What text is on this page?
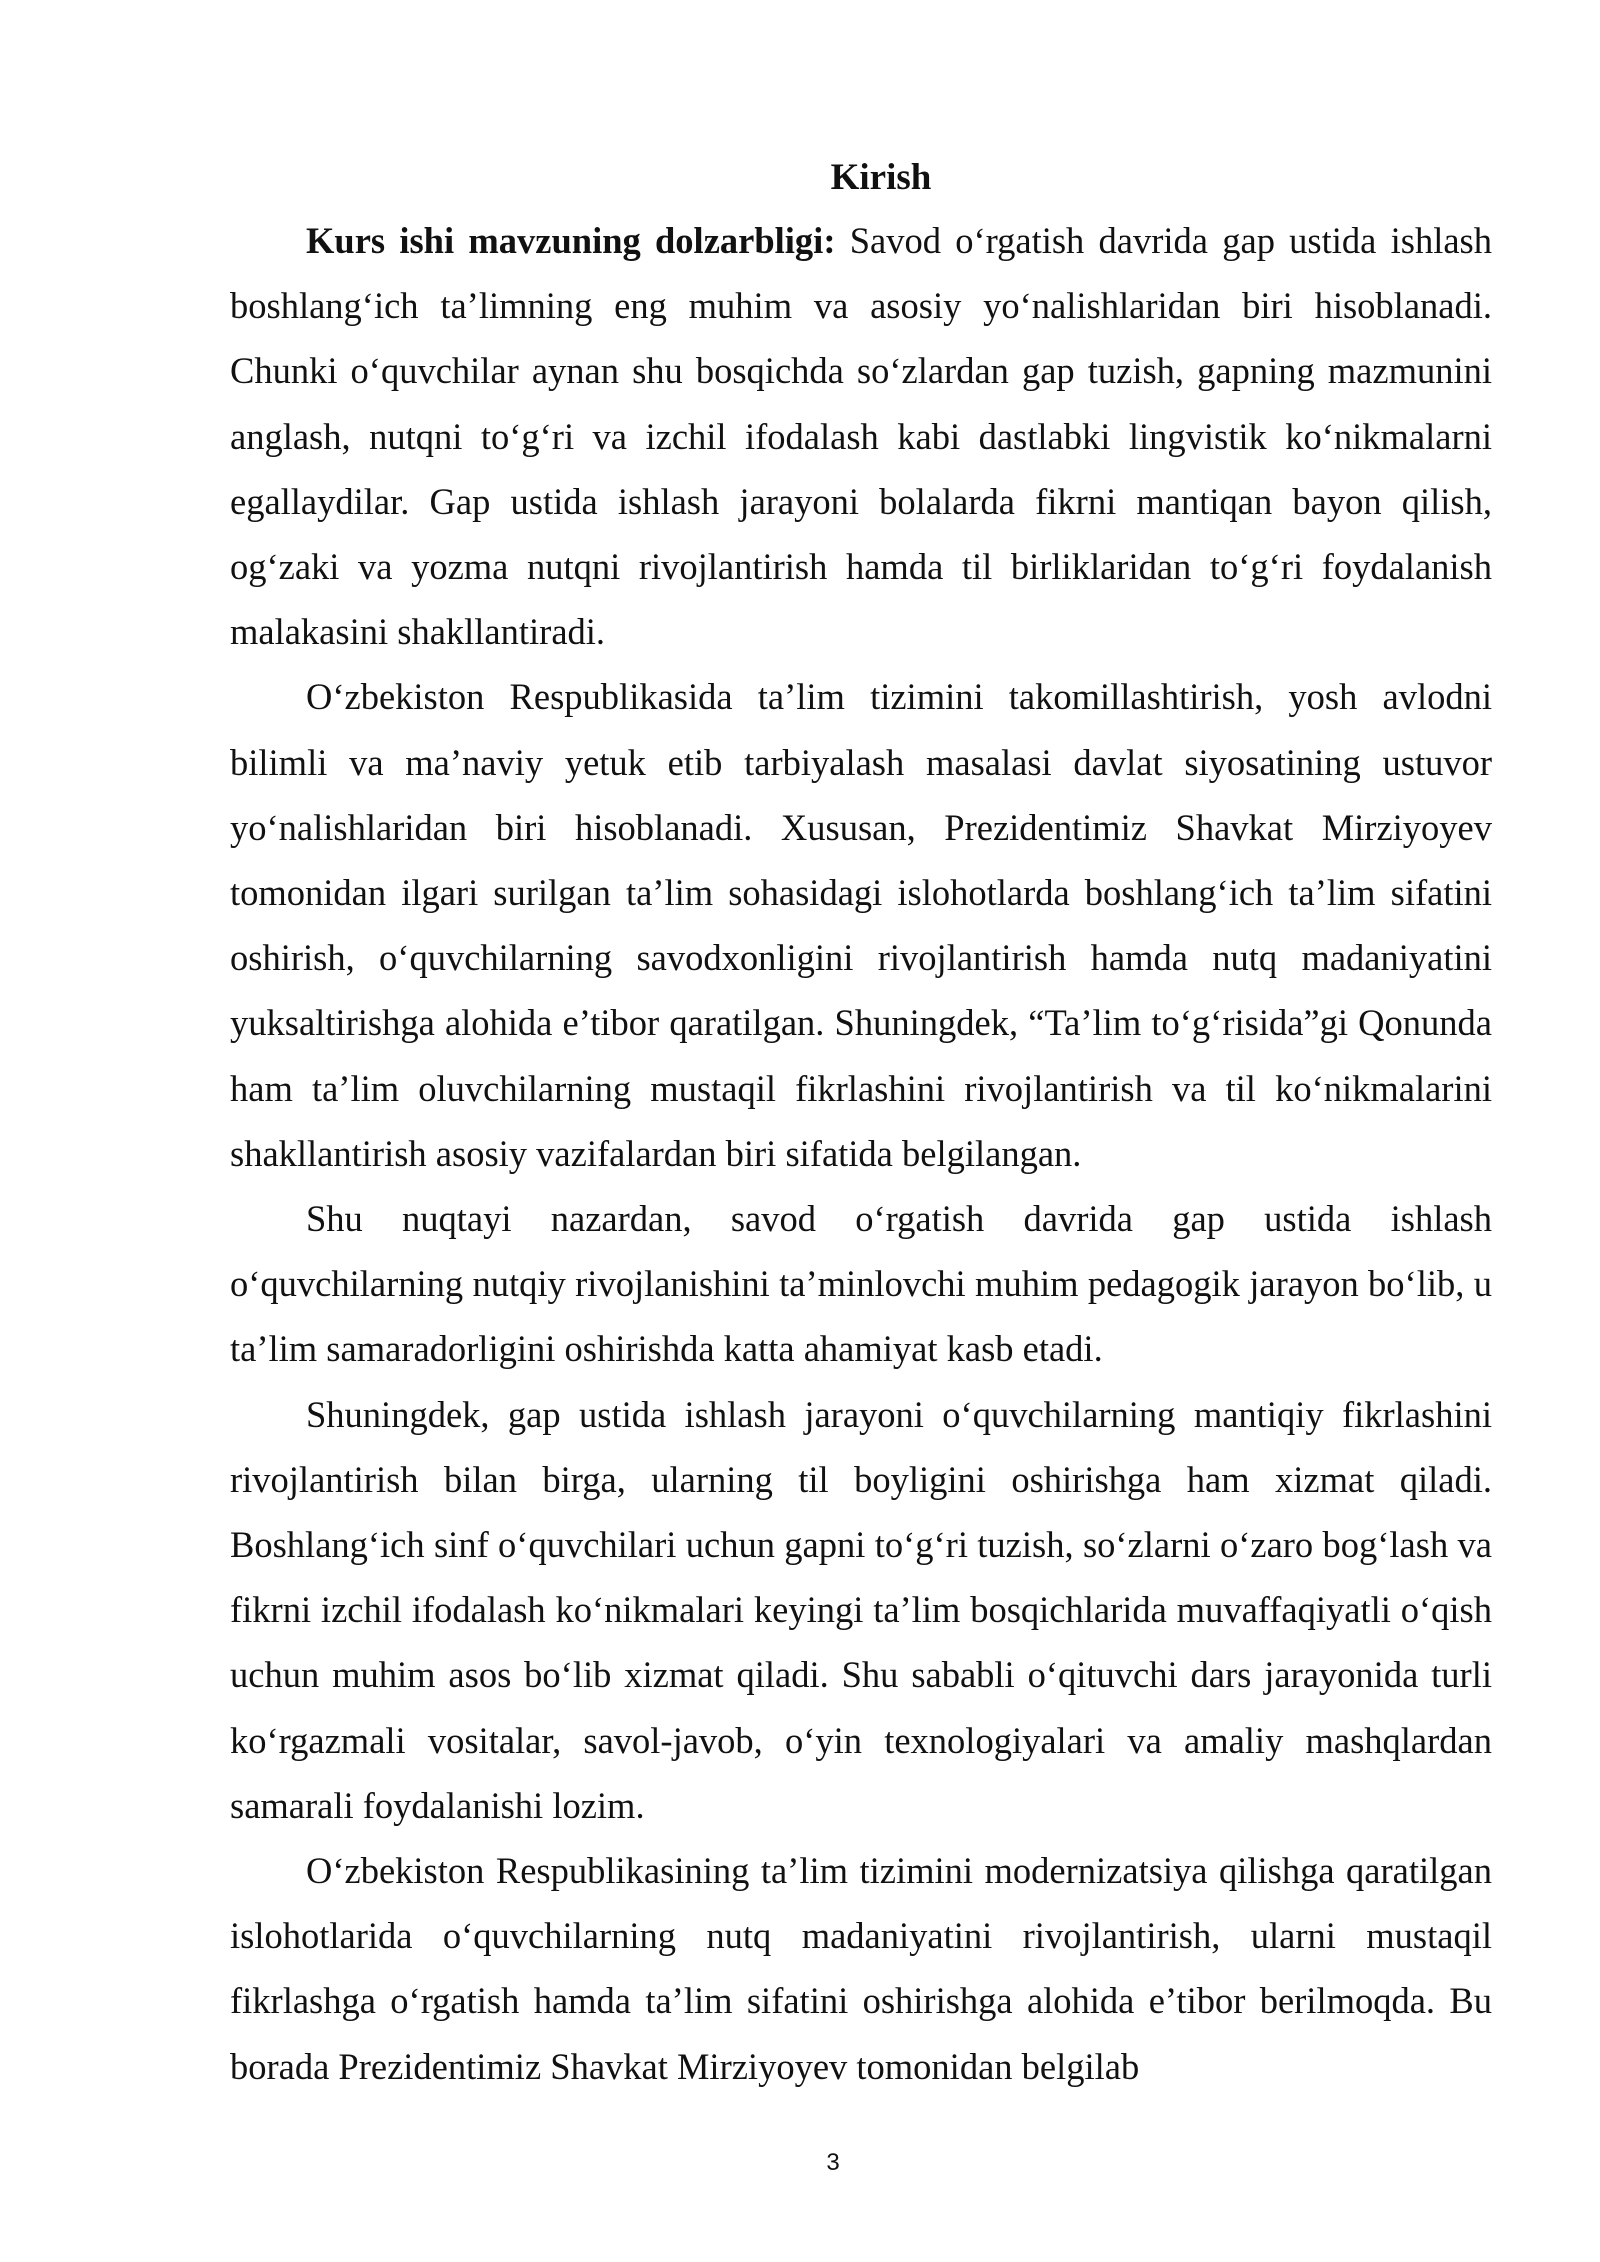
Kirish

Kurs ishi mavzuning dolzarbligi: Savod o‘rgatish davrida gap ustida ishlash boshlang‘ich ta’limning eng muhim va asosiy yo‘nalishlaridan biri hisoblanadi. Chunki o‘quvchilar aynan shu bosqichda so‘zlardan gap tuzish, gapning mazmunini anglash, nutqni to‘g‘ri va izchil ifodalash kabi dastlabki lingvistik ko‘nikmalarni egallaydilar. Gap ustida ishlash jarayoni bolalarda fikrni mantiqan bayon qilish, og‘zaki va yozma nutqni rivojlantirish hamda til birliklaridan to‘g‘ri foydalanish malakasini shakllantiradi.

O‘zbekiston Respublikasida ta’lim tizimini takomillashtirish, yosh avlodni bilimli va ma’naviy yetuk etib tarbiyalash masalasi davlat siyosatining ustuvor yo‘nalishlaridan biri hisoblanadi. Xususan, Prezidentimiz Shavkat Mirziyoyev tomonidan ilgari surilgan ta’lim sohasidagi islohotlarda boshlang‘ich ta’lim sifatini oshirish, o‘quvchilarning savodxonligini rivojlantirish hamda nutq madaniyatini yuksaltirishga alohida e’tibor qaratilgan. Shuningdek, “Ta’lim to‘g‘risida”gi Qonunda ham ta’lim oluvchilarning mustaqil fikrlashini rivojlantirish va til ko‘nikmalarini shakllantirish asosiy vazifalardan biri sifatida belgilangan.

Shu nuqtayi nazardan, savod o‘rgatish davrida gap ustida ishlash o‘quvchilarning nutqiy rivojlanishini ta’minlovchi muhim pedagogik jarayon bo‘lib, u ta’lim samaradorligini oshirishda katta ahamiyat kasb etadi.

Shuningdek, gap ustida ishlash jarayoni o‘quvchilarning mantiqiy fikrlashini rivojlantirish bilan birga, ularning til boyligini oshirishga ham xizmat qiladi. Boshlang‘ich sinf o‘quvchilari uchun gapni to‘g‘ri tuzish, so‘zlarni o‘zaro bog‘lash va fikrni izchil ifodalash ko‘nikmalari keyingi ta’lim bosqichlarida muvaffaqiyatli o‘qish uchun muhim asos bo‘lib xizmat qiladi. Shu sababli o‘qituvchi dars jarayonida turli ko‘rgazmali vositalar, savol-javob, o‘yin texnologiyalari va amaliy mashqlardan samarali foydalanishi lozim.

O‘zbekiston Respublikasining ta’lim tizimini modernizatsiya qilishga qaratilgan islohotlarida o‘quvchilarning nutq madaniyatini rivojlantirish, ularni mustaqil fikrlashga o‘rgatish hamda ta’lim sifatini oshirishga alohida e’tibor berilmoqda. Bu borada Prezidentimiz Shavkat Mirziyoyev tomonidan belgilab

3
